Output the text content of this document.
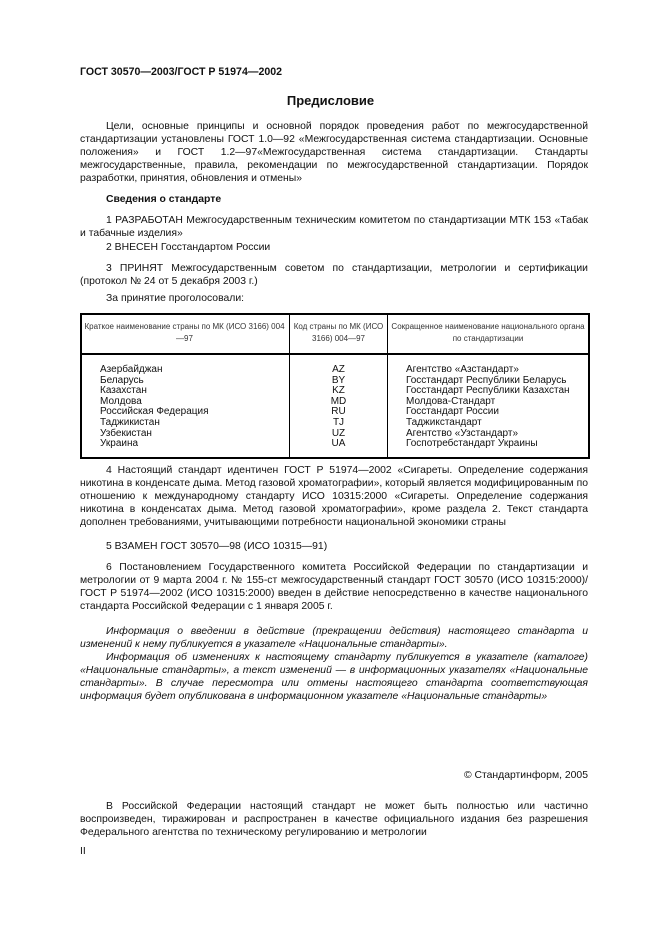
ГОСТ 30570—2003/ГОСТ Р 51974—2002
Предисловие
Цели, основные принципы и основной порядок проведения работ по межгосударственной стандартизации установлены ГОСТ 1.0—92 «Межгосударственная система стандартизации. Основные положения» и ГОСТ 1.2—97«Межгосударственная система стандартизации. Стандарты межгосударственные, правила, рекомендации по межгосударственной стандартизации. Порядок разработки, принятия, обновления и отмены»
Сведения о стандарте
1 РАЗРАБОТАН Межгосударственным техническим комитетом по стандартизации МТК 153 «Табак и табачные изделия»
2 ВНЕСЕН Госстандартом России
3 ПРИНЯТ Межгосударственным советом по стандартизации, метрологии и сертификации (протокол № 24 от 5 декабря 2003 г.)
За принятие проголосовали:
Краткое наименование страны по МК (ИСО 3166) 004—97	Код страны по МК (ИСО 3166) 004—97	Сокращенное наименование национального органа по стандартизации
Азербайджан	AZ	Агентство «Азстандарт»
Беларусь	BY	Госстандарт Республики Беларусь
Казахстан	KZ	Госстандарт Республики Казахстан
Молдова	MD	Молдова-Стандарт
Российская Федерация	RU	Госстандарт России
Таджикистан	TJ	Таджикстандарт
Узбекистан	UZ	Агентство «Узстандарт»
Украина	UA	Госпотребстандарт Украины
4 Настоящий стандарт идентичен ГОСТ Р 51974—2002 «Сигареты. Определение содержания никотина в конденсате дыма. Метод газовой хроматографии», который является модифицированным по отношению к международному стандарту ИСО 10315:2000 «Сигареты. Определение содержания никотина в конденсатах дыма. Метод газовой хроматографии», кроме раздела 2. Текст стандарта дополнен требованиями, учитывающими потребности национальной экономики страны
5 ВЗАМЕН ГОСТ 30570—98 (ИСО 10315—91)
6 Постановлением Государственного комитета Российской Федерации по стандартизации и метрологии от 9 марта 2004 г. № 155-ст межгосударственный стандарт ГОСТ 30570 (ИСО 10315:2000)/ГОСТ Р 51974—2002 (ИСО 10315:2000) введен в действие непосредственно в качестве национального стандарта Российской Федерации с 1 января 2005 г.
Информация о введении в действие (прекращении действия) настоящего стандарта и изменений к нему публикуется в указателе «Национальные стандарты».
Информация об изменениях к настоящему стандарту публикуется в указателе (каталоге) «Национальные стандарты», а текст изменений — в информационных указателях «Национальные стандарты». В случае пересмотра или отмены настоящего стандарта соответствующая информация будет опубликована в информационном указателе «Национальные стандарты»
© Стандартинформ, 2005
В Российской Федерации настоящий стандарт не может быть полностью или частично воспроизведен, тиражирован и распространен в качестве официального издания без разрешения Федерального агентства по техническому регулированию и метрологии
II
